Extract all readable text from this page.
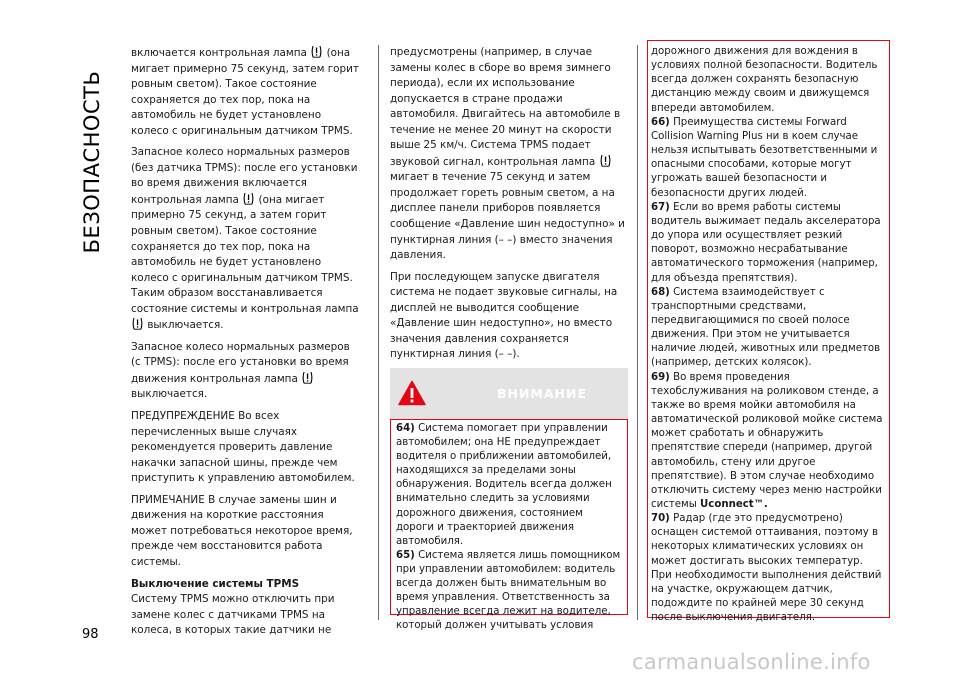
БЕЗОПАСНОСТЬ

включается контрольная лампа (она мигает примерно 75 секунд, затем горит ровным светом). Такое состояние сохраняется до тех пор, пока на автомобиль не будет установлено колесо с оригинальным датчиком TPMS.

Запасное колесо нормальных размеров (без датчика TPMS): после его установки во время движения включается контрольная лампа (она мигает примерно 75 секунд, а затем горит ровным светом). Такое состояние сохраняется до тех пор, пока на автомобиль не будет установлено колесо с оригинальным датчиком TPMS. Таким образом восстанавливается состояние системы и контрольная лампа
выключается.

Запасное колесо нормальных размеров (с TPMS): после его установки во время движения контрольная лампа
выключается.

ПРЕДУПРЕЖДЕНИЕ Во всех перечисленных выше случаях рекомендуется проверить давление накачки запасной шины, прежде чем приступить к управлению автомобилем.

ПРИМЕЧАНИЕ В случае замены шин и движения на короткие расстояния может потребоваться некоторое время, прежде чем восстановится работа системы.

Выключение системы TPMS

Систему TPMS можно отключить при замене колес с датчиками TPMS на колеса, в которых такие датчики не

предусмотрены (например, в случае замены колес в сборе во время зимнего периода), если их использование допускается в стране продажи автомобиля. Двигайтесь на автомобиле в течение не менее 20 минут на скорости выше 25 км/ч. Система TPMS подает звуковой сигнал, контрольная лампа
мигает в течение 75 секунд и затем продолжает гореть ровным светом, а на дисплее панели приборов появляется сообщение «Давление шин недоступно» и пунктирная линия (– –) вместо значения давления.

При последующем запуске двигателя система не подает звуковые сигналы, на дисплей не выводится сообщение «Давление шин недоступно», но вместо значения давления сохраняется пунктирная линия (– –).

ВНИМАНИЕ

64) Система помогает при управлении автомобилем; она НЕ предупреждает водителя о приближении автомобилей, находящихся за пределами зоны обнаружения. Водитель всегда должен внимательно следить за условиями дорожного движения, состоянием дороги и траекторией движения автомобиля.

65) Система является лишь помощником при управлении автомобилем: водитель всегда должен быть внимательным во время управления. Ответственность за управление всегда лежит на водителе, который должен учитывать условия

дорожного движения для вождения в условиях полной безопасности. Водитель всегда должен сохранять безопасную дистанцию между своим и движущемся впереди автомобилем.

66) Преимущества системы Forward Collision Warning Plus ни в коем случае нельзя испытывать безответственными и опасными способами, которые могут угрожать вашей безопасности и безопасности других людей.

67) Если во время работы системы водитель выжимает педаль акселератора до упора или осуществляет резкий поворот, возможно несрабатывание автоматического торможения (например, для объезда препятствия).

68) Система взаимодействует с транспортными средствами, передвигающимися по своей полосе движения. При этом не учитывается наличие людей, животных или предметов (например, детских колясок).

69) Во время проведения техобслуживания на роликовом стенде, а также во время мойки автомобиля на автоматической роликовой мойке система может сработать и обнаружить препятствие спереди (например, другой автомобиль, стену или другое препятствие). В этом случае необходимо отключить систему через меню настройки системы Uconnect™.

70) Радар (где это предусмотрено) оснащен системой оттаивания, поэтому в некоторых климатических условиях он может достигать высоких температур. При необходимости выполнения действий на участке, окружающем датчик, подождите по крайней мере 30 секунд после выключения двигателя.

98
carmanualsonline.info
